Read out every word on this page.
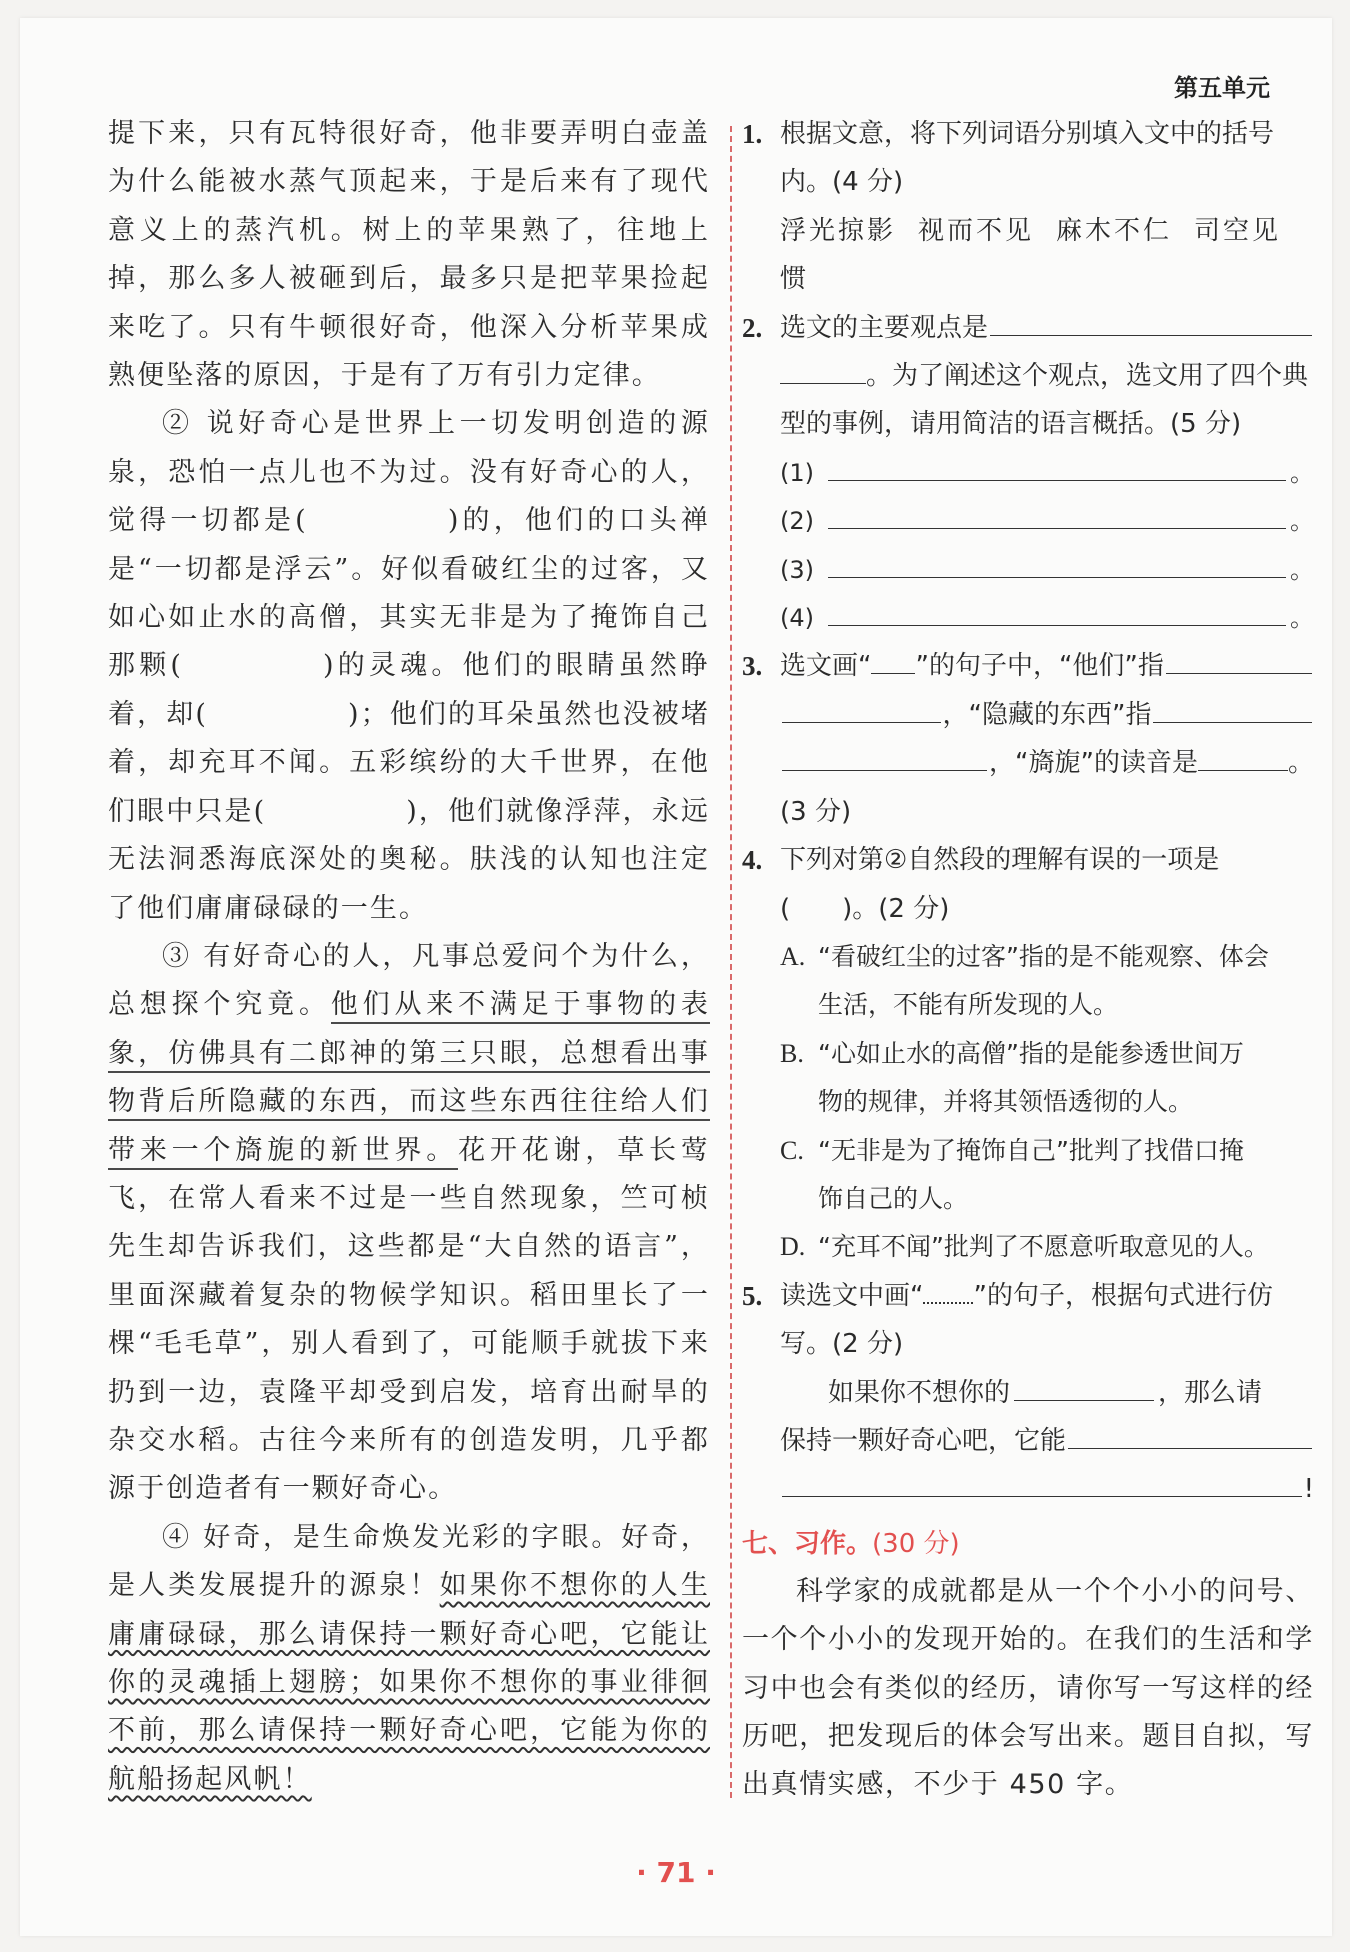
第五单元

提下来，只有瓦特很好奇，他非要弄明白壶盖为什么能被水蒸气顶起来，于是后来有了现代意义上的蒸汽机。树上的苹果熟了，往地上掉，那么多人被砸到后，最多只是把苹果捡起来吃了。只有牛顿很好奇，他深入分析苹果成熟便坠落的原因，于是有了万有引力定律。

② 说好奇心是世界上一切发明创造的源泉，恐怕一点儿也不为过。没有好奇心的人，觉得一切都是(	)的，他们的口头禅是“一切都是浮云”。好似看破红尘的过客，又如心如止水的高僧，其实无非是为了掩饰自己那颗(	)的灵魂。他们的眼睛虽然睁着，却(	)；他们的耳朵虽然也没被堵着，却充耳不闻。五彩缤纷的大千世界，在他们眼中只是(	)，他们就像浮萍，永远无法洞悉海底深处的奥秘。肤浅的认知也注定了他们庸庸碌碌的一生。

③ 有好奇心的人，凡事总爱问个为什么，总想探个究竟。他们从来不满足于事物的表象，仿佛具有二郎神的第三只眼，总想看出事物背后所隐藏的东西，而这些东西往往给人们带来一个旖旎的新世界。花开花谢，草长莺飞，在常人看来不过是一些自然现象，竺可桢先生却告诉我们，这些都是“大自然的语言”，里面深藏着复杂的物候学知识。稻田里长了一棵“毛毛草”，别人看到了，可能顺手就拔下来扔到一边，袁隆平却受到启发，培育出耐旱的杂交水稻。古往今来所有的创造发明，几乎都源于创造者有一颗好奇心。

④ 好奇，是生命焕发光彩的字眼。好奇，是人类发展提升的源泉！如果你不想你的人生庸庸碌碌，那么请保持一颗好奇心吧，它能让你的灵魂插上翅膀；如果你不想你的事业徘徊不前，那么请保持一颗好奇心吧，它能为你的航船扬起风帆！

1. 根据文意，将下列词语分别填入文中的括号内。(4 分)
浮光掠影 视而不见 麻木不仁 司空见惯
2. 选文的主要观点是
。为了阐述这个观点，选文用了四个典型的事例，请用简洁的语言概括。(5 分)
(1)	。
(2)	。
(3)	。
(4)	。
3. 选文画“ ”的句子中，“他们”指
，“隐藏的东西”指
，“旖旎”的读音是	。
(3 分)
4. 下列对第②自然段的理解有误的一项是
(　　)。(2 分)
A. “看破红尘的过客”指的是不能观察、体会
生活，不能有所发现的人。
B. “心如止水的高僧”指的是能参透世间万
物的规律，并将其领悟透彻的人。
C. “无非是为了掩饰自己”批判了找借口掩
饰自己的人。
D. “充耳不闻”批判了不愿意听取意见的人。
5. 读选文中画“ ”的句子，根据句式进行仿写。(2 分)
如果你不想你的	，那么请
保持一颗好奇心吧，它能
!
七、习作。(30 分)

科学家的成就都是从一个个小小的问号、一个个小小的发现开始的。在我们的生活和学习中也会有类似的经历，请你写一写这样的经历吧，把发现后的体会写出来。题目自拟，写出真情实感，不少于 450 字。

· 71 ·
